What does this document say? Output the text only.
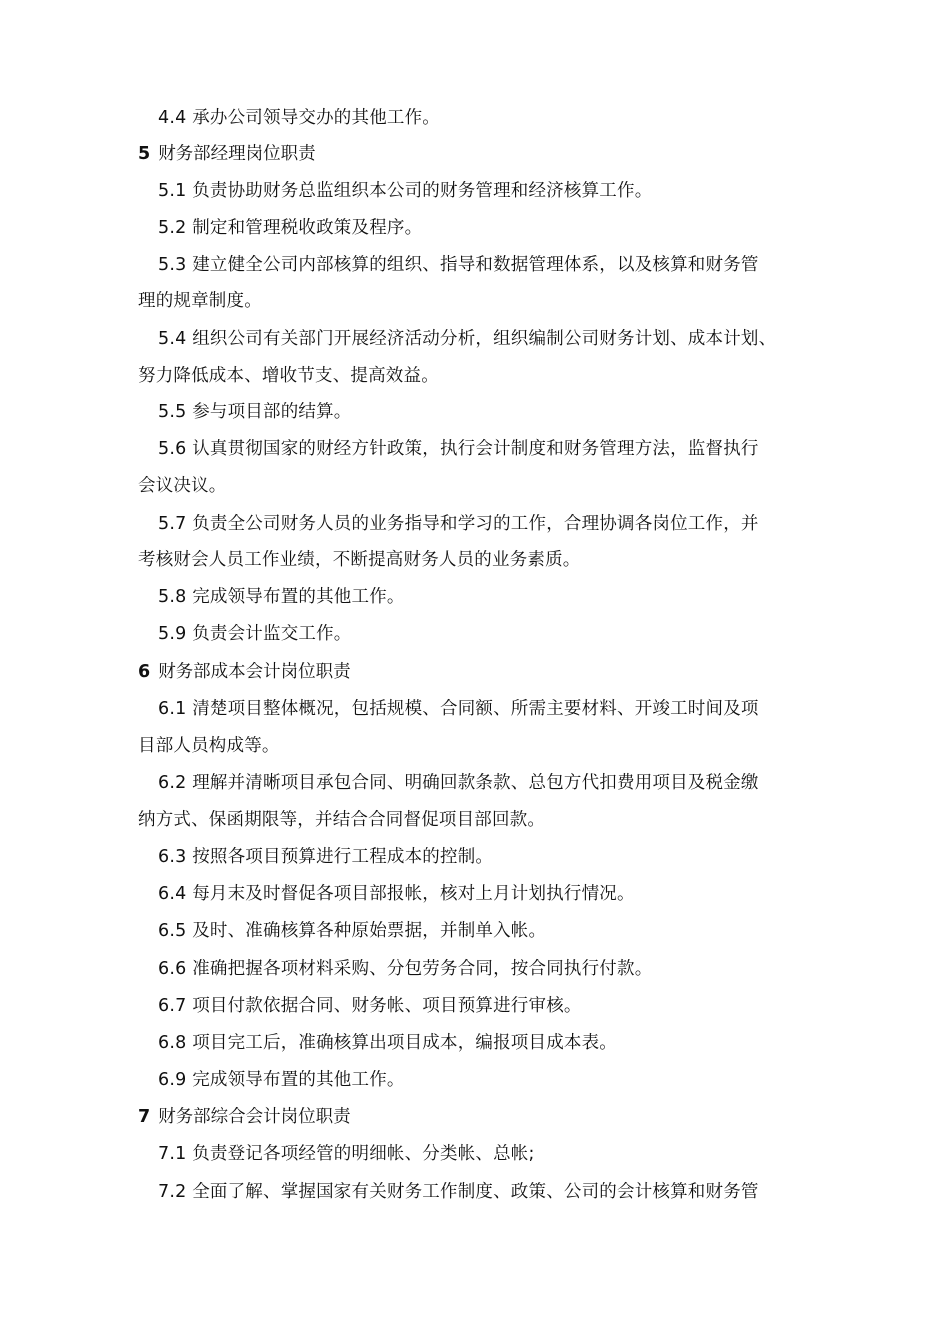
4.4 承办公司领导交办的其他工作。
5 财务部经理岗位职责
5.1 负责协助财务总监组织本公司的财务管理和经济核算工作。
5.2 制定和管理税收政策及程序。
5.3 建立健全公司内部核算的组织、指导和数据管理体系，以及核算和财务管
理的规章制度。
5.4 组织公司有关部门开展经济活动分析，组织编制公司财务计划、成本计划、
努力降低成本、增收节支、提高效益。
5.5 参与项目部的结算。
5.6 认真贯彻国家的财经方针政策，执行会计制度和财务管理方法，监督执行
会议决议。
5.7 负责全公司财务人员的业务指导和学习的工作，合理协调各岗位工作，并
考核财会人员工作业绩，不断提高财务人员的业务素质。
5.8 完成领导布置的其他工作。
5.9 负责会计监交工作。
6 财务部成本会计岗位职责
6.1 清楚项目整体概况，包括规模、合同额、所需主要材料、开竣工时间及项
目部人员构成等。
6.2 理解并清晰项目承包合同、明确回款条款、总包方代扣费用项目及税金缴
纳方式、保函期限等，并结合合同督促项目部回款。
6.3 按照各项目预算进行工程成本的控制。
6.4 每月末及时督促各项目部报帐，核对上月计划执行情况。
6.5 及时、准确核算各种原始票据，并制单入帐。
6.6 准确把握各项材料采购、分包劳务合同，按合同执行付款。
6.7 项目付款依据合同、财务帐、项目预算进行审核。
6.8 项目完工后，准确核算出项目成本，编报项目成本表。
6.9 完成领导布置的其他工作。
7 财务部综合会计岗位职责
7.1 负责登记各项经管的明细帐、分类帐、总帐;
7.2 全面了解、掌握国家有关财务工作制度、政策、公司的会计核算和财务管
